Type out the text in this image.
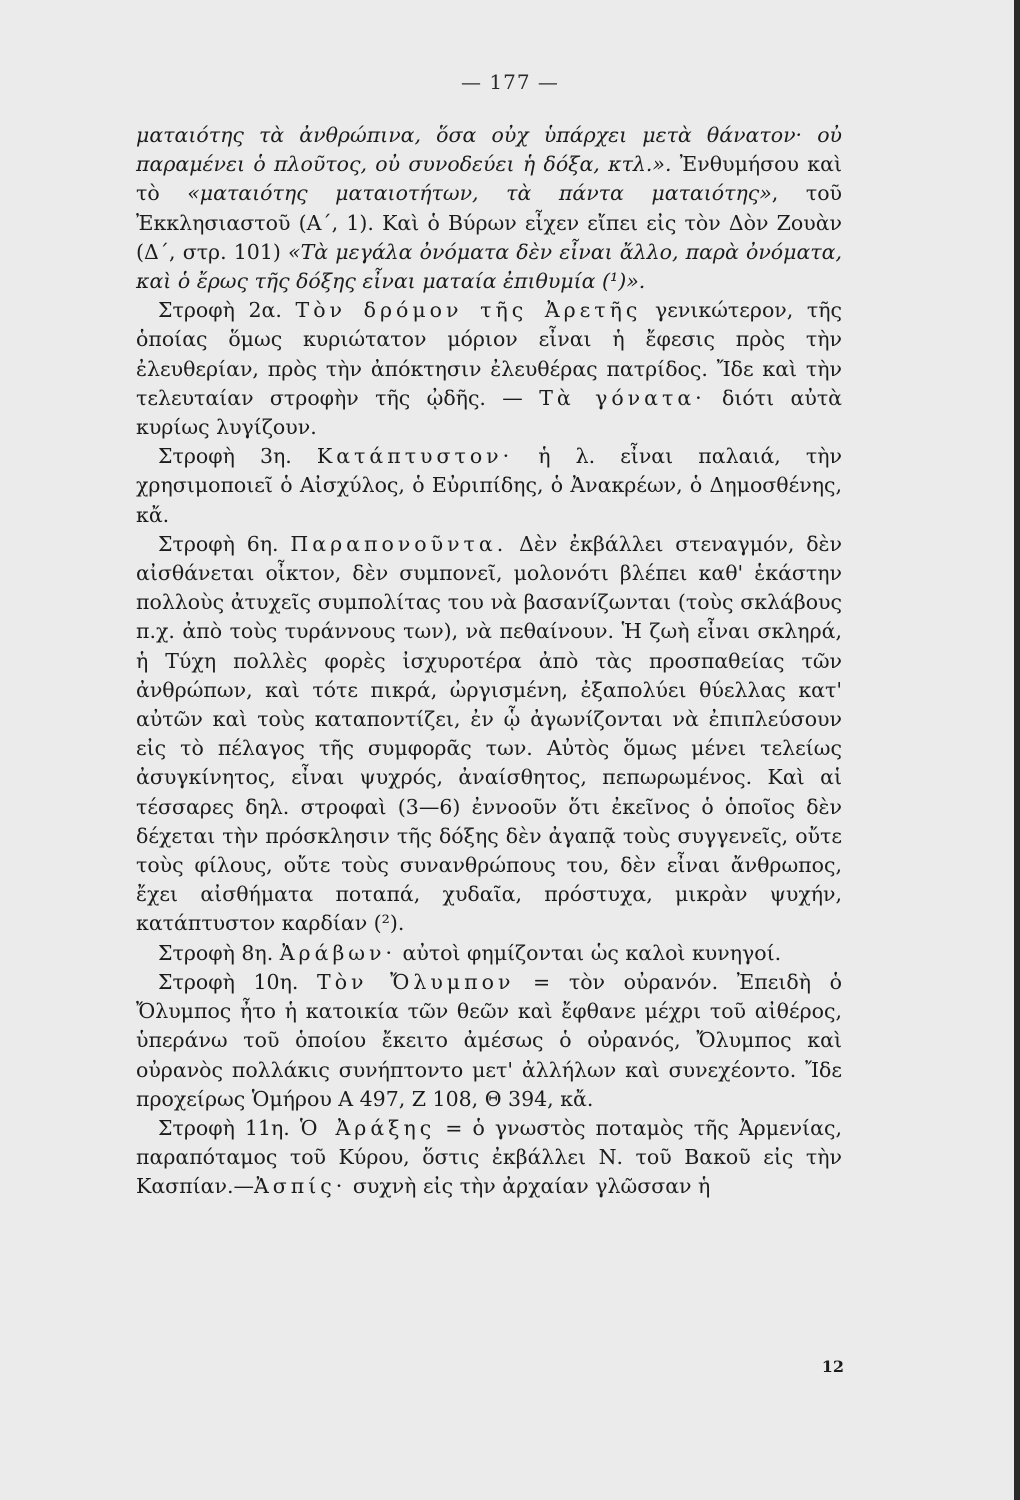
— 177 —

ματαιότης τὰ ἀνθρώπινα, ὅσα οὐχ ὑπάρχει μετὰ θάνατον· οὐ παραμένει ὁ πλοῦτος, οὐ συνοδεύει ἡ δόξα, κτλ.». Ἐνθυμήσου καὶ τὸ «ματαιότης ματαιοτήτων, τὰ πάντα ματαιότης», τοῦ Ἐκκλησιαστοῦ (Α΄, 1). Καὶ ὁ Βύρων εἶχεν εἴπει εἰς τὸν Δὸν Ζουὰν (Δ΄, στρ. 101) «Τὰ μεγάλα ὀνόματα δὲν εἶναι ἄλλο, παρὰ ὀνόματα, καὶ ὁ ἔρως τῆς δόξης εἶναι ματαία ἐπιθυμία (¹)».

Στροφὴ 2α. Τὸν δρόμον τῆς Ἀρετῆς γενικώτερον, τῆς ὁποίας ὅμως κυριώτατον μόριον εἶναι ἡ ἔφεσις πρὸς τὴν ἐλευθερίαν, πρὸς τὴν ἀπόκτησιν ἐλευθέρας πατρίδος. Ἴδε καὶ τὴν τελευταίαν στροφὴν τῆς ᾠδῆς. — Τὰ γόνατα· διότι αὐτὰ κυρίως λυγίζουν.

Στροφὴ 3η. Κατάπτυστον· ἡ λ. εἶναι παλαιά, τὴν χρησιμοποιεῖ ὁ Αἰσχύλος, ὁ Εὐριπίδης, ὁ Ἀνακρέων, ὁ Δημοσθένης, κἄ.

Στροφὴ 6η. Παραπονοῦντα. Δὲν ἐκβάλλει στεναγμόν, δὲν αἰσθάνεται οἶκτον, δὲν συμπονεῖ, μολονότι βλέπει καθ' ἑκάστην πολλοὺς ἀτυχεῖς συμπολίτας του νὰ βασανίζωνται (τοὺς σκλάβους π.χ. ἀπὸ τοὺς τυράννους των), νὰ πεθαίνουν. Ἡ ζωὴ εἶναι σκληρά, ἡ Τύχη πολλὲς φορὲς ἰσχυροτέρα ἀπὸ τὰς προσπαθείας τῶν ἀνθρώπων, καὶ τότε πικρά, ὠργισμένη, ἐξαπολύει θύελλας κατ' αὐτῶν καὶ τοὺς καταποντίζει, ἐν ᾧ ἀγωνίζονται νὰ ἐπιπλεύσουν εἰς τὸ πέλαγος τῆς συμφορᾶς των. Αὐτὸς ὅμως μένει τελείως ἀσυγκίνητος, εἶναι ψυχρός, ἀναίσθητος, πεπωρωμένος. Καὶ αἱ τέσσαρες δηλ. στροφαὶ (3—6) ἐννοοῦν ὅτι ἐκεῖνος ὁ ὁποῖος δὲν δέχεται τὴν πρόσκλησιν τῆς δόξης δὲν ἀγαπᾷ τοὺς συγγενεῖς, οὔτε τοὺς φίλους, οὔτε τοὺς συνανθρώπους του, δὲν εἶναι ἄνθρωπος, ἔχει αἰσθήματα ποταπά, χυδαῖα, πρόστυχα, μικρὰν ψυχήν, κατάπτυστον καρδίαν (²).

Στροφὴ 8η. Ἀράβων· αὐτοὶ φημίζονται ὡς καλοὶ κυνηγοί.

Στροφὴ 10η. Τὸν Ὄλυμπον = τὸν οὐρανόν. Ἐπειδὴ ὁ Ὄλυμπος ἦτο ἡ κατοικία τῶν θεῶν καὶ ἔφθανε μέχρι τοῦ αἰθέρος, ὑπεράνω τοῦ ὁποίου ἔκειτο ἀμέσως ὁ οὐρανός, Ὄλυμπος καὶ οὐρανὸς πολλάκις συνήπτοντο μετ' ἀλλήλων καὶ συνεχέοντο. Ἴδε προχείρως Ὁμήρου Α 497, Ζ 108, Θ 394, κἄ.

Στροφὴ 11η. Ὁ Ἀράξης = ὁ γνωστὸς ποταμὸς τῆς Ἀρμενίας, παραπόταμος τοῦ Κύρου, ὅστις ἐκβάλλει Ν. τοῦ Βακοῦ εἰς τὴν Κασπίαν.—Ἀσπίς· συχνὴ εἰς τὴν ἀρχαίαν γλῶσσαν ἡ

12
